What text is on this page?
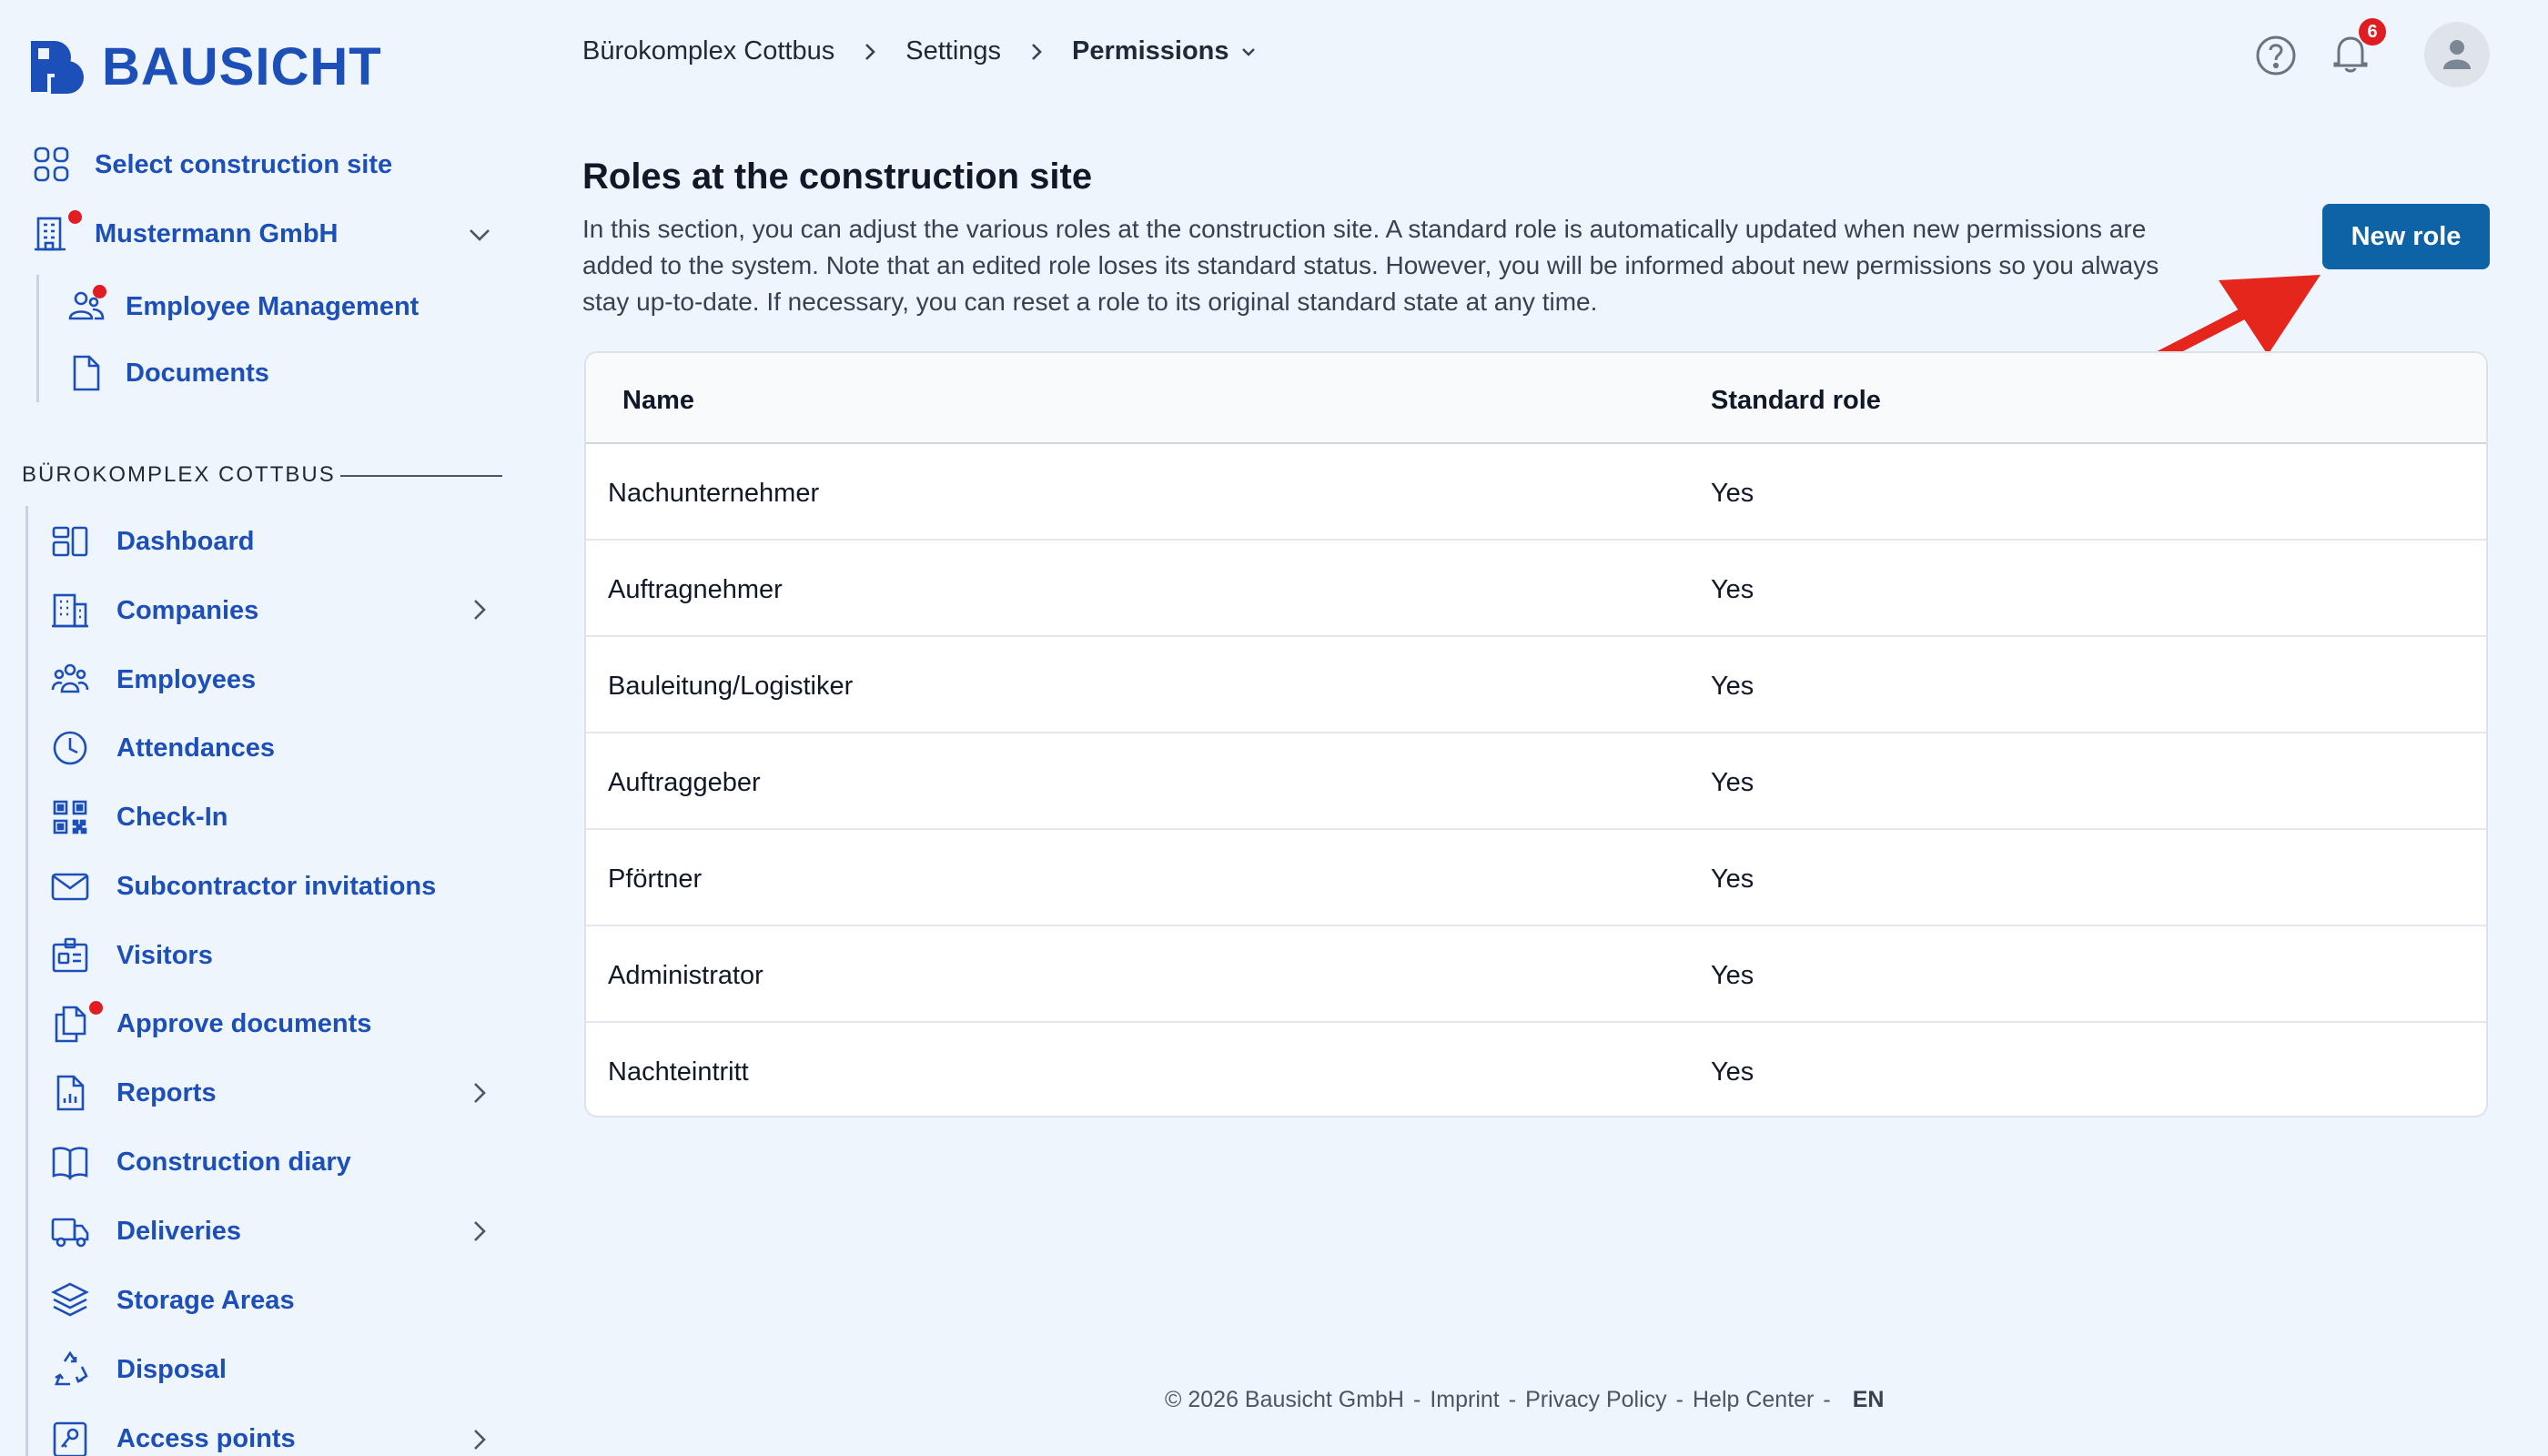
BAUSICHT
Select construction site
Mustermann GmbH
Employee Management
Documents
BÜROKOMPLEX COTTBUS
Dashboard
Companies
Employees
Attendances
Check-In
Subcontractor invitations
Visitors
Approve documents
Reports
Construction diary
Deliveries
Storage Areas
Disposal
Access points
Bürokomplex Cottbus	Settings	Permissions
6
Roles at the construction site

In this section, you can adjust the various roles at the construction site. A standard role is automatically updated when new permissions are added to the system. Note that an edited role loses its standard status. However, you will be informed about new permissions so you always stay up-to-date. If necessary, you can reset a role to its original standard state at any time.

New role
Name	Standard role
Nachunternehmer	Yes
Auftragnehmer	Yes
Bauleitung/Logistiker	Yes
Auftraggeber	Yes
Pförtner	Yes
Administrator	Yes
Nachteintritt	Yes
© 2026 Bausicht GmbH - Imprint - Privacy Policy - Help Center - EN
